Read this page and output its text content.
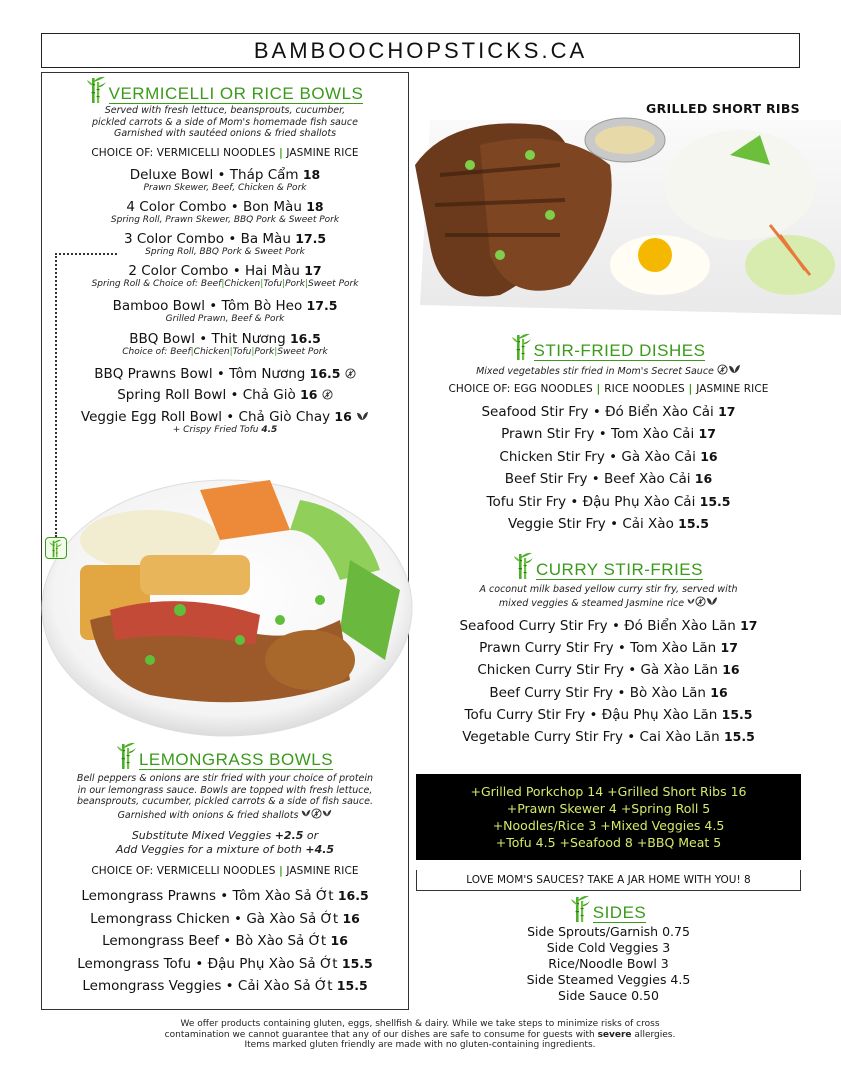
BAMBOOCHOPSTICKS.CA
VERMICELLI OR RICE BOWLS
Served with fresh lettuce, beansprouts, cucumber,
pickled carrots & a side of Mom's homemade fish sauce
Garnished with sautéed onions & fried shallots
CHOICE OF: VERMICELLI NOODLES | JASMINE RICE
Deluxe Bowl • Tháp Cẩm 18
Prawn Skewer, Beef, Chicken & Pork
4 Color Combo • Bon Màu 18
Spring Roll, Prawn Skewer, BBQ Pork & Sweet Pork
3 Color Combo • Ba Màu 17.5
Spring Roll, BBQ Pork & Sweet Pork
2 Color Combo • Hai Màu 17
Spring Roll & Choice of: Beef|Chicken|Tofu|Pork|Sweet Pork
Bamboo Bowl • Tôm Bò Heo 17.5
Grilled Prawn, Beef & Pork
BBQ Bowl • Thit Nương 16.5
Choice of: Beef|Chicken|Tofu|Pork|Sweet Pork
BBQ Prawns Bowl • Tôm Nương 16.5
Spring Roll Bowl • Chả Giò 16
Veggie Egg Roll Bowl • Chả Giò Chay 16
+ Crispy Fried Tofu 4.5
LEMONGRASS BOWLS
Bell peppers & onions are stir fried with your choice of protein
in our lemongrass sauce. Bowls are topped with fresh lettuce,
beansprouts, cucumber, pickled carrots & a side of fish sauce.
Garnished with onions & fried shallots
Substitute Mixed Veggies +2.5 or
Add Veggies for a mixture of both +4.5
CHOICE OF: VERMICELLI NOODLES | JASMINE RICE
Lemongrass Prawns • Tôm Xào Sả Ớt 16.5
Lemongrass Chicken • Gà Xào Sả Ớt 16
Lemongrass Beef • Bò Xào Sả Ớt 16
Lemongrass Tofu • Đậu Phụ Xào Sả Ớt 15.5
Lemongrass Veggies • Cải Xào Sả Ớt 15.5
GRILLED SHORT RIBS
STIR-FRIED DISHES
Mixed vegetables stir fried in Mom's Secret Sauce
CHOICE OF: EGG NOODLES | RICE NOODLES | JASMINE RICE
Seafood Stir Fry • Đó Biển Xào Cải 17
Prawn Stir Fry • Tom Xào Cải 17
Chicken Stir Fry • Gà Xào Cải 16
Beef Stir Fry • Beef Xào Cải 16
Tofu Stir Fry • Đậu Phụ Xào Cải 15.5
Veggie Stir Fry • Cải Xào 15.5
CURRY STIR-FRIES
A coconut milk based yellow curry stir fry, served with
mixed veggies & steamed Jasmine rice
Seafood Curry Stir Fry • Đó Biển Xào Lăn 17
Prawn Curry Stir Fry • Tom Xào Lăn 17
Chicken Curry Stir Fry • Gà Xào Lăn 16
Beef Curry Stir Fry • Bò Xào Lăn 16
Tofu Curry Stir Fry • Đậu Phụ Xào Lăn 15.5
Vegetable Curry Stir Fry • Cai Xào Lăn 15.5
+Grilled Porkchop 14 +Grilled Short Ribs 16
+Prawn Skewer 4 +Spring Roll 5
+Noodles/Rice 3 +Mixed Veggies 4.5
+Tofu 4.5 +Seafood 8 +BBQ Meat 5
LOVE MOM'S SAUCES? TAKE A JAR HOME WITH YOU! 8
SIDES
Side Sprouts/Garnish 0.75
Side Cold Veggies 3
Rice/Noodle Bowl 3
Side Steamed Veggies 4.5
Side Sauce 0.50
We offer products containing gluten, eggs, shellfish & dairy. While we take steps to minimize risks of cross
contamination we cannot guarantee that any of our dishes are safe to consume for guests with severe allergies.
Items marked gluten friendly are made with no gluten-containing ingredients.
